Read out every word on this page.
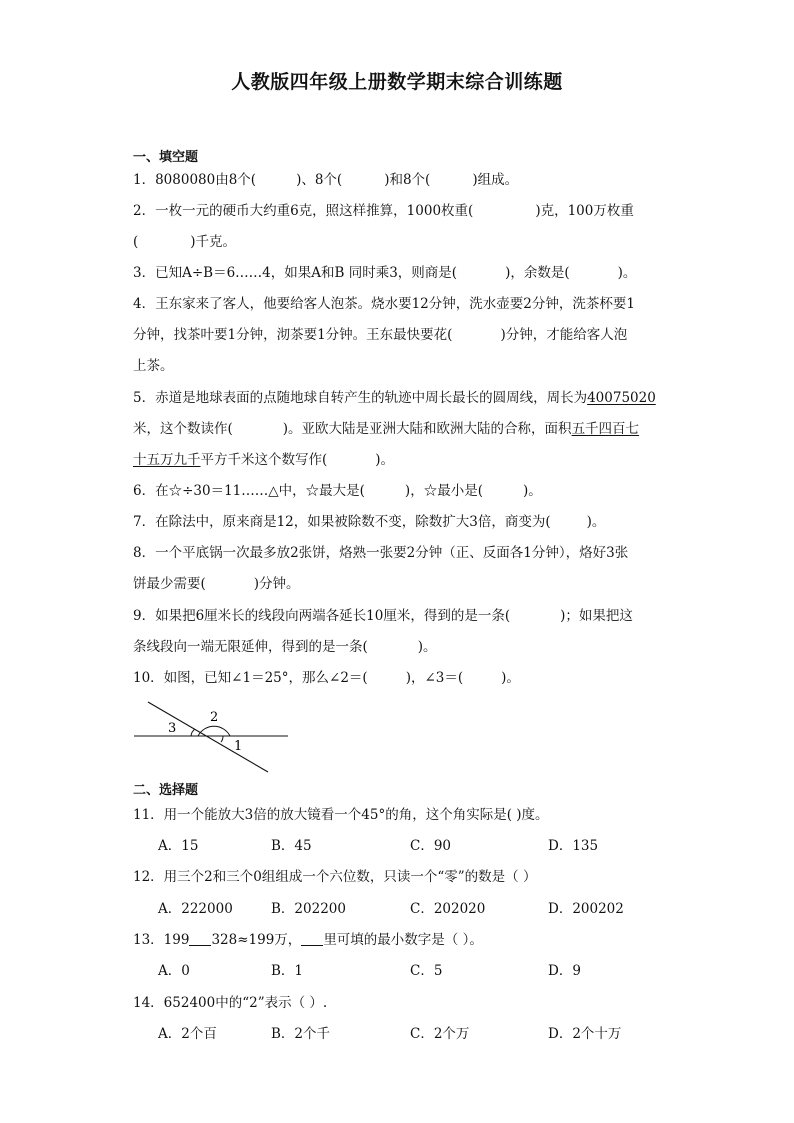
人教版四年级上册数学期末综合训练题
一、填空题
1．8080080由8个(	)、8个(	)和8个(	)组成。
2．一枚一元的硬币大约重6克，照这样推算，1000枚重(	)克，100万枚重
(	)千克。
3．已知A÷B＝6……4，如果A和B 同时乘3，则商是(	)，余数是(	)。
4．王东家来了客人，他要给客人泡茶。烧水要12分钟，洗水壶要2分钟，洗茶杯要1
分钟，找茶叶要1分钟，沏茶要1分钟。王东最快要花(	)分钟，才能给客人泡
上茶。
5．赤道是地球表面的点随地球自转产生的轨迹中周长最长的圆周线，周长为40075020
米，这个数读作(	)。亚欧大陆是亚洲大陆和欧洲大陆的合称，面积五千四百七
十五万九千平方千米这个数写作(	)。
6．在☆÷30＝11……△中，☆最大是(	)，☆最小是(	)。
7．在除法中，原来商是12，如果被除数不变，除数扩大3倍，商变为(	)。
8．一个平底锅一次最多放2张饼，烙熟一张要2分钟（正、反面各1分钟），烙好3张
饼最少需要(	)分钟。
9．如果把6厘米长的线段向两端各延长10厘米，得到的是一条(	)；如果把这
条线段向一端无限延伸，得到的是一条(	)。
10．如图，已知∠1＝25°，那么∠2＝(	)，∠3＝(	)。
2
3
1
二、选择题
11．用一个能放大3倍的放大镜看一个45°的角，这个角实际是( )度。
A．15	B．45	C．90	D．135
12．用三个2和三个0组组成一个六位数，只读一个“零”的数是（ ）
A．222000	B．202200	C．202020	D．200202
13．199 328≈199万， 里可填的最小数字是（ ）。
A．0	B．1	C．5	D．9
14．652400中的“2”表示（ ）.
A．2个百	B．2个千	C．2个万	D．2个十万
